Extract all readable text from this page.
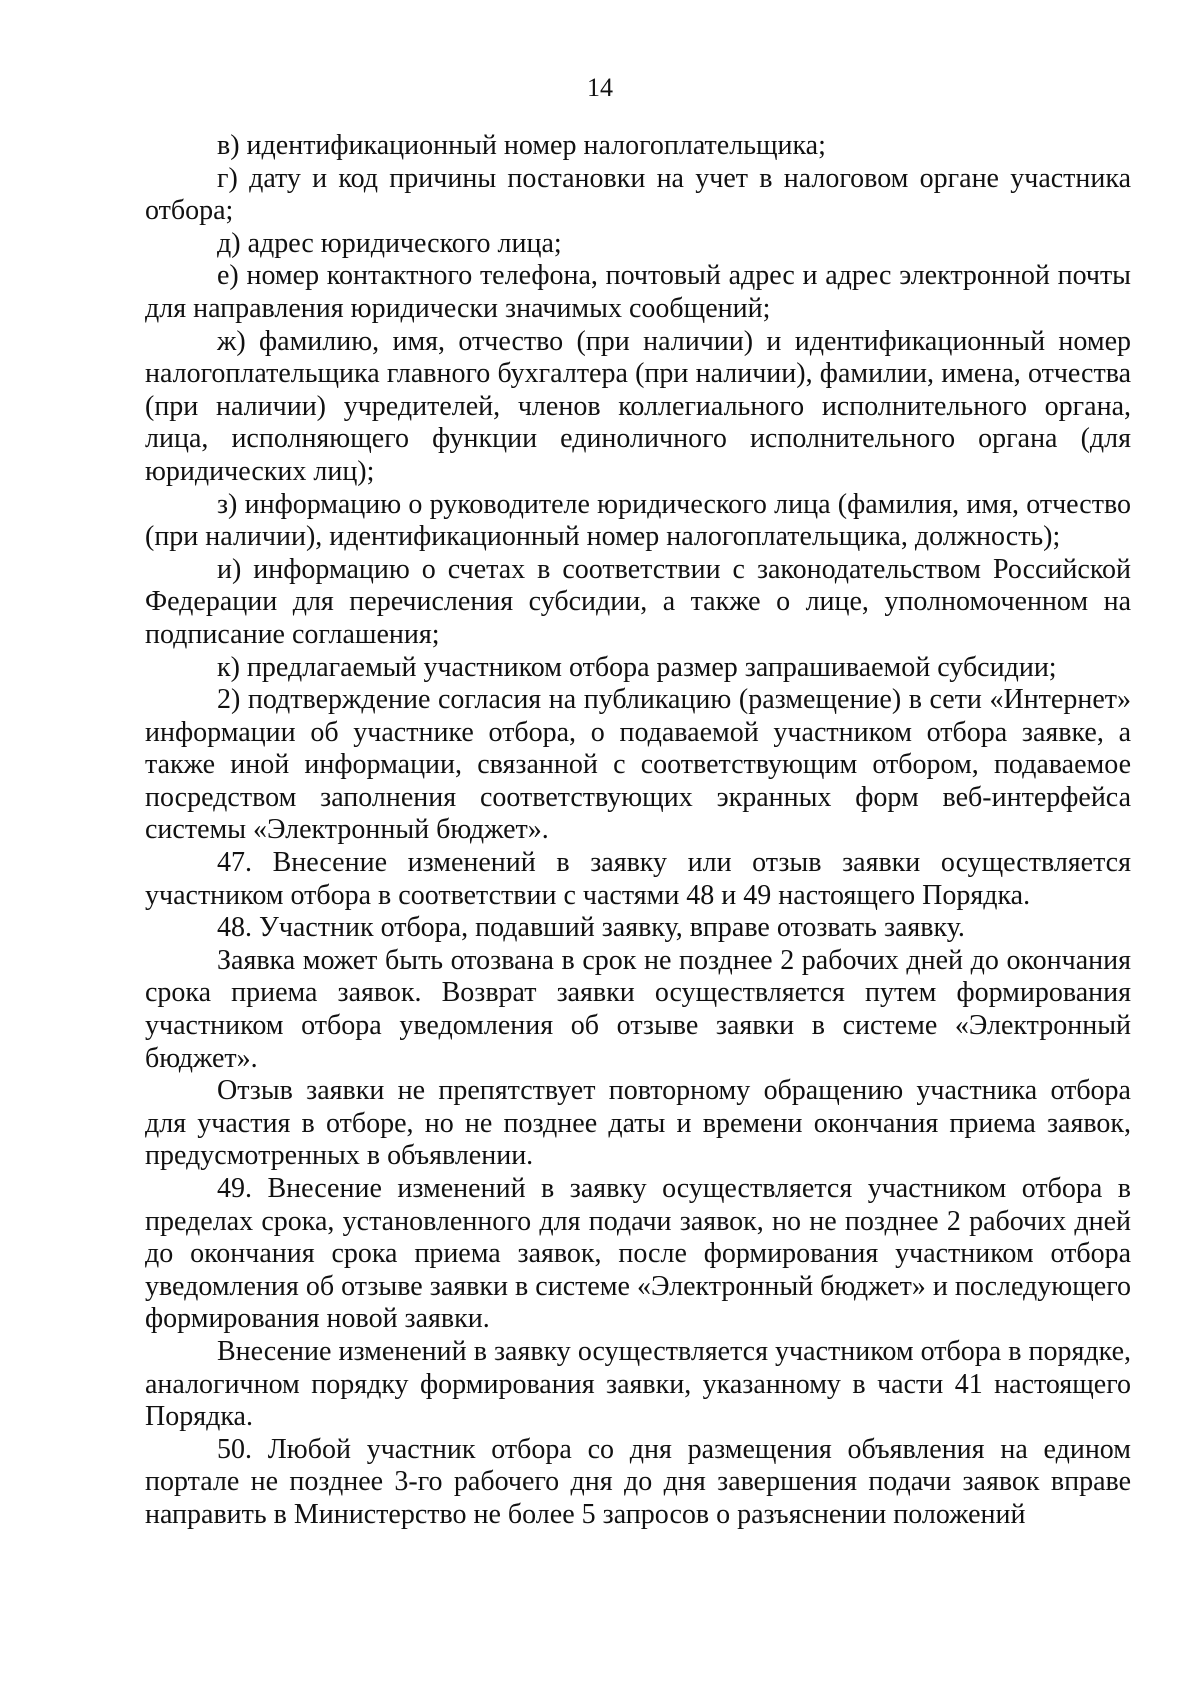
14

в) идентификационный номер налогоплательщика;

г) дату и код причины постановки на учет в налоговом органе участника отбора;

д) адрес юридического лица;

е) номер контактного телефона, почтовый адрес и адрес электронной почты для направления юридически значимых сообщений;

ж) фамилию, имя, отчество (при наличии) и идентификационный номер налогоплательщика главного бухгалтера (при наличии), фамилии, имена, отчества (при наличии) учредителей, членов коллегиального исполнительного органа, лица, исполняющего функции единоличного исполнительного органа (для юридических лиц);

з) информацию о руководителе юридического лица (фамилия, имя, отчество (при наличии), идентификационный номер налогоплательщика, должность);

и) информацию о счетах в соответствии с законодательством Российской Федерации для перечисления субсидии, а также о лице, уполномоченном на подписание соглашения;

к) предлагаемый участником отбора размер запрашиваемой субсидии;

2) подтверждение согласия на публикацию (размещение) в сети «Интернет» информации об участнике отбора, о подаваемой участником отбора заявке, а также иной информации, связанной с соответствующим отбором, подаваемое посредством заполнения соответствующих экранных форм веб-интерфейса системы «Электронный бюджет».

47. Внесение изменений в заявку или отзыв заявки осуществляется участником отбора в соответствии с частями 48 и 49 настоящего Порядка.

48. Участник отбора, подавший заявку, вправе отозвать заявку.

Заявка может быть отозвана в срок не позднее 2 рабочих дней до окончания срока приема заявок. Возврат заявки осуществляется путем формирования участником отбора уведомления об отзыве заявки в системе «Электронный бюджет».

Отзыв заявки не препятствует повторному обращению участника отбора для участия в отборе, но не позднее даты и времени окончания приема заявок, предусмотренных в объявлении.

49. Внесение изменений в заявку осуществляется участником отбора в пределах срока, установленного для подачи заявок, но не позднее 2 рабочих дней до окончания срока приема заявок, после формирования участником отбора уведомления об отзыве заявки в системе «Электронный бюджет» и последующего формирования новой заявки.

Внесение изменений в заявку осуществляется участником отбора в порядке, аналогичном порядку формирования заявки, указанному в части 41 настоящего Порядка.

50. Любой участник отбора со дня размещения объявления на едином портале не позднее 3-го рабочего дня до дня завершения подачи заявок вправе направить в Министерство не более 5 запросов о разъяснении положений
